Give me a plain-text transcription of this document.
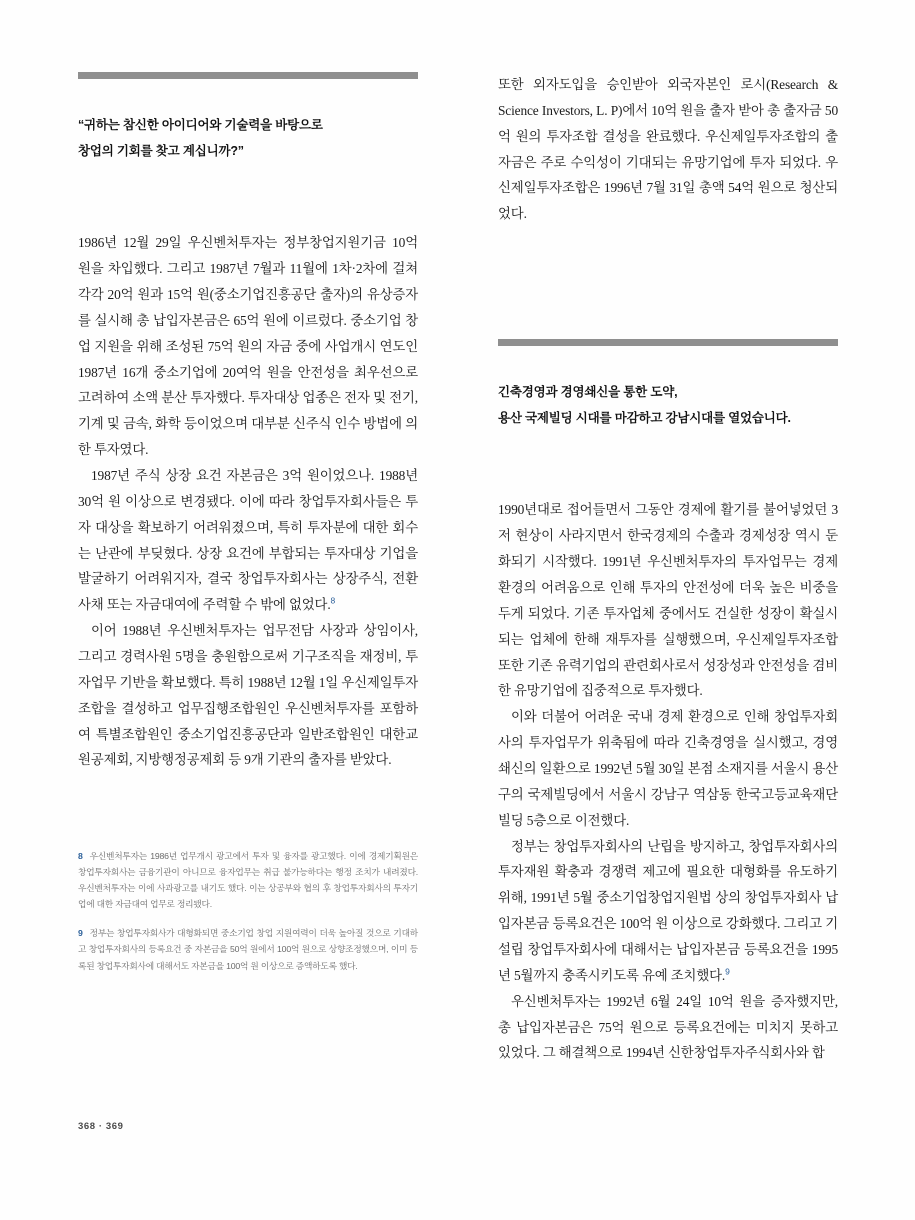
“귀하는 참신한 아이디어와 기술력을 바탕으로
창업의 기회를 찾고 계십니까?”

1986년 12월 29일 우신벤처투자는 정부창업지원기금 10억 원을 차입했다. 그리고 1987년 7월과 11월에 1차·2차에 걸쳐 각각 20억 원과 15억 원(중소기업진흥공단 출자)의 유상증자를 실시해 총 납입자본금은 65억 원에 이르렀다. 중소기업 창업 지원을 위해 조성된 75억 원의 자금 중에 사업개시 연도인 1987년 16개 중소기업에 20여억 원을 안전성을 최우선으로 고려하여 소액 분산 투자했다. 투자대상 업종은 전자 및 전기, 기계 및 금속, 화학 등이었으며 대부분 신주식 인수 방법에 의한 투자였다.

1987년 주식 상장 요건 자본금은 3억 원이었으나. 1988년 30억 원 이상으로 변경됐다. 이에 따라 창업투자회사들은 투자 대상을 확보하기 어려워졌으며, 특히 투자분에 대한 회수는 난관에 부딪혔다. 상장 요건에 부합되는 투자대상 기업을 발굴하기 어려워지자, 결국 창업투자회사는 상장주식, 전환사채 또는 자금대여에 주력할 수 밖에 없었다.$^8$

이어 1988년 우신벤처투자는 업무전담 사장과 상임이사, 그리고 경력사원 5명을 충원함으로써 기구조직을 재정비, 투자업무 기반을 확보했다. 특히 1988년 12월 1일 우신제일투자조합을 결성하고 업무집행조합원인 우신벤처투자를 포함하여 특별조합원인 중소기업진흥공단과 일반조합원인 대한교원공제회, 지방행정공제회 등 9개 기관의 출자를 받았다.

8 우신벤처투자는 1986년 업무개시 광고에서 투자 및 융자를 광고했다. 이에 경제기획원은 창업투자회사는 금융기관이 아니므로 융자업무는 취급 불가능하다는 행정 조치가 내려졌다. 우신벤처투자는 이에 사과광고를 내기도 했다. 이는 상공부와 협의 후 창업투자회사의 투자기업에 대한 자금대여 업무로 정리됐다.
9 정부는 창업투자회사가 대형화되면 중소기업 창업 지원여력이 더욱 높아질 것으로 기대하고 창업투자회사의 등록요건 중 자본금을 50억 원에서 100억 원으로 상향조정했으며, 이미 등록된 창업투자회사에 대해서도 자본금을 100억 원 이상으로 증액하도록 했다.

또한 외자도입을 승인받아 외국자본인 로시(Research & Science Investors, L. P)에서 10억 원을 출자 받아 총 출자금 50억 원의 투자조합 결성을 완료했다. 우신제일투자조합의 출자금은 주로 수익성이 기대되는 유망기업에 투자 되었다. 우신제일투자조합은 1996년 7월 31일 총액 54억 원으로 청산되었다.

긴축경영과 경영쇄신을 통한 도약,
용산 국제빌딩 시대를 마감하고 강남시대를 열었습니다.

1990년대로 접어들면서 그동안 경제에 활기를 불어넣었던 3저 현상이 사라지면서 한국경제의 수출과 경제성장 역시 둔화되기 시작했다. 1991년 우신벤처투자의 투자업무는 경제 환경의 어려움으로 인해 투자의 안전성에 더욱 높은 비중을 두게 되었다. 기존 투자업체 중에서도 건실한 성장이 확실시되는 업체에 한해 재투자를 실행했으며, 우신제일투자조합 또한 기존 유력기업의 관련회사로서 성장성과 안전성을 겸비한 유망기업에 집중적으로 투자했다.

이와 더불어 어려운 국내 경제 환경으로 인해 창업투자회사의 투자업무가 위축됨에 따라 긴축경영을 실시했고, 경영쇄신의 일환으로 1992년 5월 30일 본점 소재지를 서울시 용산구의 국제빌딩에서 서울시 강남구 역삼동 한국고등교육재단 빌딩 5층으로 이전했다.

정부는 창업투자회사의 난립을 방지하고, 창업투자회사의 투자재원 확충과 경쟁력 제고에 필요한 대형화를 유도하기 위해, 1991년 5월 중소기업창업지원법 상의 창업투자회사 납입자본금 등록요건은 100억 원 이상으로 강화했다. 그리고 기 설립 창업투자회사에 대해서는 납입자본금 등록요건을 1995년 5월까지 충족시키도록 유예 조치했다.$^9$

우신벤처투자는 1992년 6월 24일 10억 원을 증자했지만, 총 납입자본금은 75억 원으로 등록요건에는 미치지 못하고 있었다. 그 해결책으로 1994년 신한창업투자주식회사와 합

368 · 369
